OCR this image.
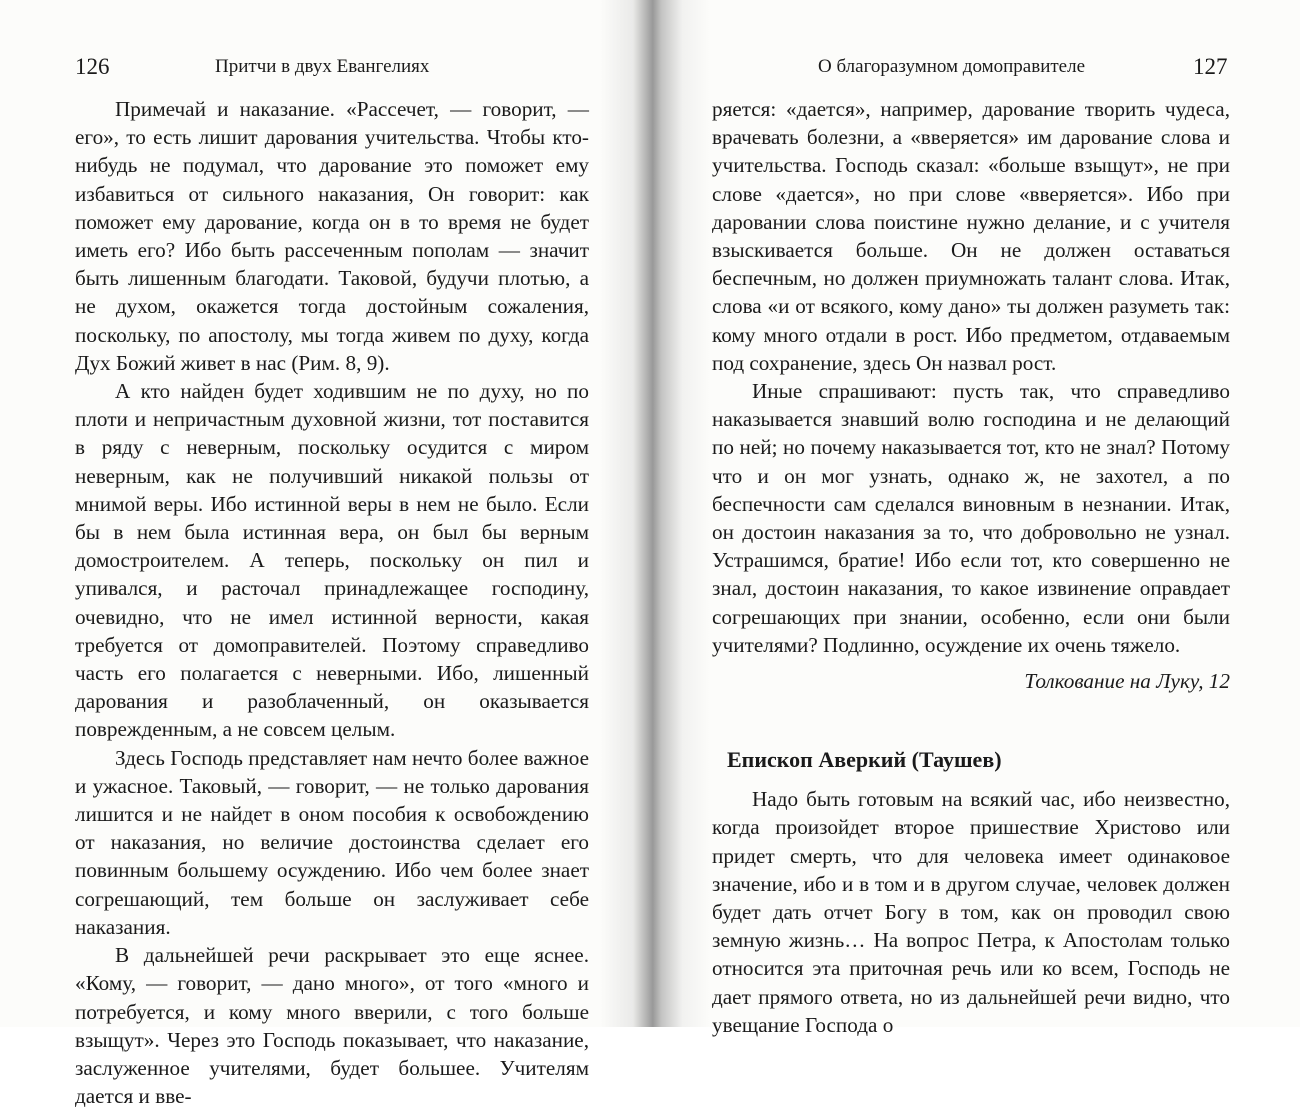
126	Притчи в двух Евангелиях

Примечай и наказание. «Рассечет, — говорит, — его», то есть лишит дарования учительства. Чтобы кто-нибудь не подумал, что дарование это поможет ему избавиться от сильного наказания, Он говорит: как поможет ему дарование, когда он в то время не будет иметь его? Ибо быть рассеченным пополам — значит быть лишенным благодати. Таковой, будучи плотью, а не духом, окажется тогда достойным сожаления, поскольку, по апостолу, мы тогда живем по духу, когда Дух Божий живет в нас (Рим. 8, 9).

А кто найден будет ходившим не по духу, но по плоти и непричастным духовной жизни, тот поставится в ряду с неверным, поскольку осудится с миром неверным, как не получивший никакой пользы от мнимой веры. Ибо истинной веры в нем не было. Если бы в нем была истинная вера, он был бы верным домостроителем. А теперь, поскольку он пил и упивался, и расточал принадлежащее господину, очевидно, что не имел истинной верности, какая требуется от домоправителей. Поэтому справедливо часть его полагается с неверными. Ибо, лишенный дарования и разоблаченный, он оказывается поврежденным, а не совсем целым.

Здесь Господь представляет нам нечто более важное и ужасное. Таковый, — говорит, — не только дарования лишится и не найдет в оном пособия к освобождению от наказания, но величие достоинства сделает его повинным большему осуждению. Ибо чем более знает согрешающий, тем больше он заслуживает себе наказания.

В дальнейшей речи раскрывает это еще яснее. «Кому, — говорит, — дано много», от того «много и потребуется, и кому много вверили, с того больше взыщут». Через это Господь показывает, что наказание, заслуженное учителями, будет большее. Учителям дается и вве-

О благоразумном домоправителе	127

ряется: «дается», например, дарование творить чудеса, врачевать болезни, а «вверяется» им дарование слова и учительства. Господь сказал: «больше взыщут», не при слове «дается», но при слове «вверяется». Ибо при даровании слова поистине нужно делание, и с учителя взыскивается больше. Он не должен оставаться беспечным, но должен приумножать талант слова. Итак, слова «и от всякого, кому дано» ты должен разуметь так: кому много отдали в рост. Ибо предметом, отдаваемым под сохранение, здесь Он назвал рост.

Иные спрашивают: пусть так, что справедливо наказывается знавший волю господина и не делающий по ней; но почему наказывается тот, кто не знал? Потому что и он мог узнать, однако ж, не захотел, а по беспечности сам сделался виновным в незнании. Итак, он достоин наказания за то, что добровольно не узнал. Устрашимся, братие! Ибо если тот, кто совершенно не знал, достоин наказания, то какое извинение оправдает согрешающих при знании, особенно, если они были учителями? Подлинно, осуждение их очень тяжело.

Толкование на Луку, 12

Епископ Аверкий (Таушев)

Надо быть готовым на всякий час, ибо неизвестно, когда произойдет второе пришествие Христово или придет смерть, что для человека имеет одинаковое значение, ибо и в том и в другом случае, человек должен будет дать отчет Богу в том, как он проводил свою земную жизнь… На вопрос Петра, к Апостолам только относится эта приточная речь или ко всем, Господь не дает прямого ответа, но из дальнейшей речи видно, что увещание Господа о
